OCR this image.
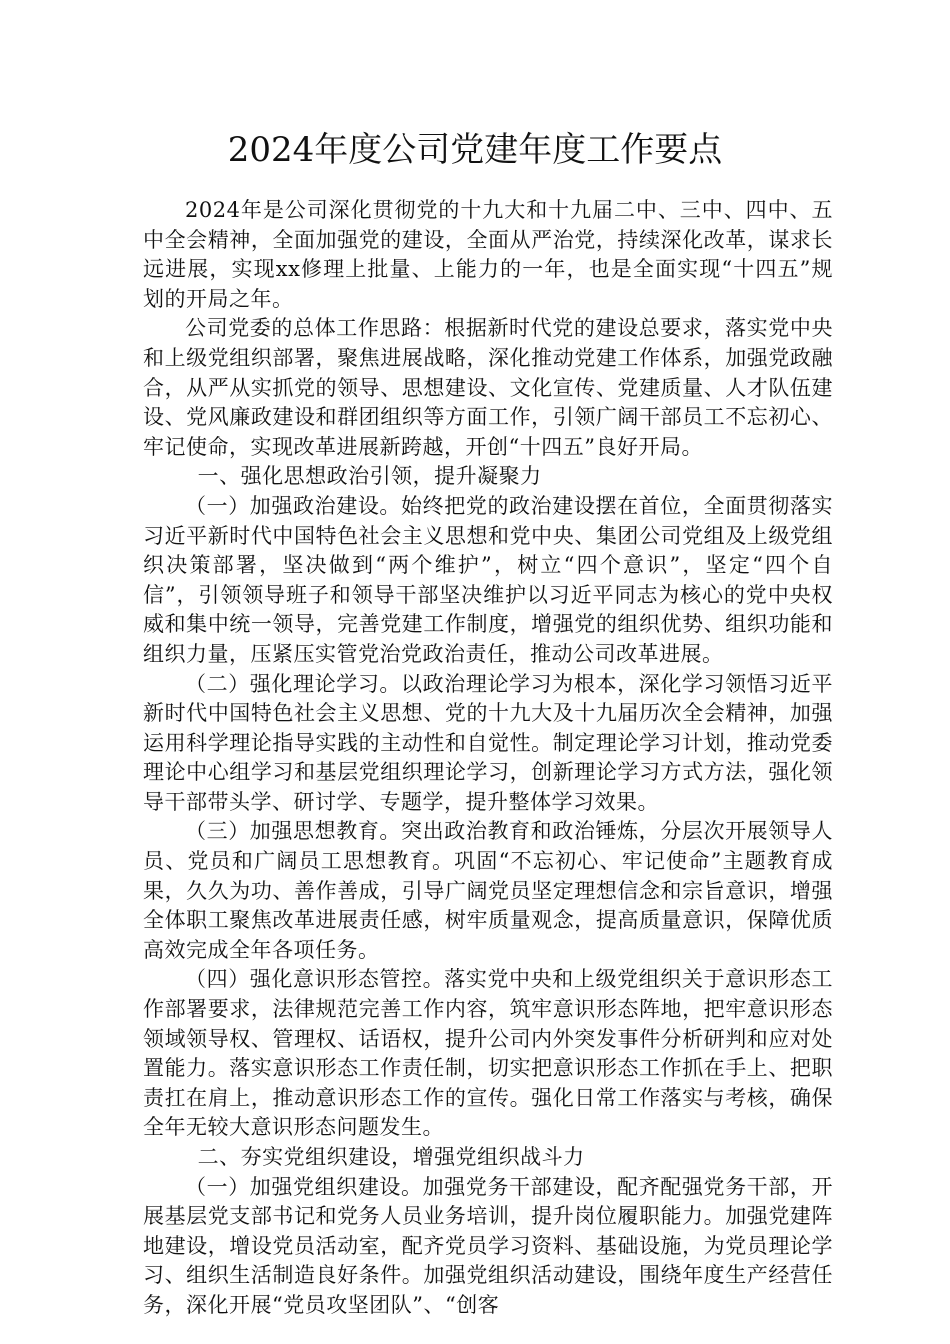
2024年度公司党建年度工作要点

2024年是公司深化贯彻党的十九大和十九届二中、三中、四中、五中全会精神，全面加强党的建设，全面从严治党，持续深化改革，谋求长远进展，实现xx修理上批量、上能力的一年，也是全面实现“十四五”规划的开局之年。

公司党委的总体工作思路：根据新时代党的建设总要求，落实党中央和上级党组织部署，聚焦进展战略，深化推动党建工作体系，加强党政融合，从严从实抓党的领导、思想建设、文化宣传、党建质量、人才队伍建设、党风廉政建设和群团组织等方面工作，引领广阔干部员工不忘初心、牢记使命，实现改革进展新跨越，开创“十四五”良好开局。

一、强化思想政治引领，提升凝聚力

（一）加强政治建设。始终把党的政治建设摆在首位，全面贯彻落实习近平新时代中国特色社会主义思想和党中央、集团公司党组及上级党组织决策部署，坚决做到“两个维护”，树立“四个意识”，坚定“四个自信”，引领领导班子和领导干部坚决维护以习近平同志为核心的党中央权威和集中统一领导，完善党建工作制度，增强党的组织优势、组织功能和组织力量，压紧压实管党治党政治责任，推动公司改革进展。

（二）强化理论学习。以政治理论学习为根本，深化学习领悟习近平新时代中国特色社会主义思想、党的十九大及十九届历次全会精神，加强运用科学理论指导实践的主动性和自觉性。制定理论学习计划，推动党委理论中心组学习和基层党组织理论学习，创新理论学习方式方法，强化领导干部带头学、研讨学、专题学，提升整体学习效果。

（三）加强思想教育。突出政治教育和政治锤炼，分层次开展领导人员、党员和广阔员工思想教育。巩固“不忘初心、牢记使命”主题教育成果，久久为功、善作善成，引导广阔党员坚定理想信念和宗旨意识，增强全体职工聚焦改革进展责任感，树牢质量观念，提高质量意识，保障优质高效完成全年各项任务。

（四）强化意识形态管控。落实党中央和上级党组织关于意识形态工作部署要求，法律规范完善工作内容，筑牢意识形态阵地，把牢意识形态领域领导权、管理权、话语权，提升公司内外突发事件分析研判和应对处置能力。落实意识形态工作责任制，切实把意识形态工作抓在手上、把职责扛在肩上，推动意识形态工作的宣传。强化日常工作落实与考核，确保全年无较大意识形态问题发生。

二、夯实党组织建设，增强党组织战斗力

（一）加强党组织建设。加强党务干部建设，配齐配强党务干部，开展基层党支部书记和党务人员业务培训，提升岗位履职能力。加强党建阵地建设，增设党员活动室，配齐党员学习资料、基础设施，为党员理论学习、组织生活制造良好条件。加强党组织活动建设，围绕年度生产经营任务，深化开展“党员攻坚团队”、“创客
